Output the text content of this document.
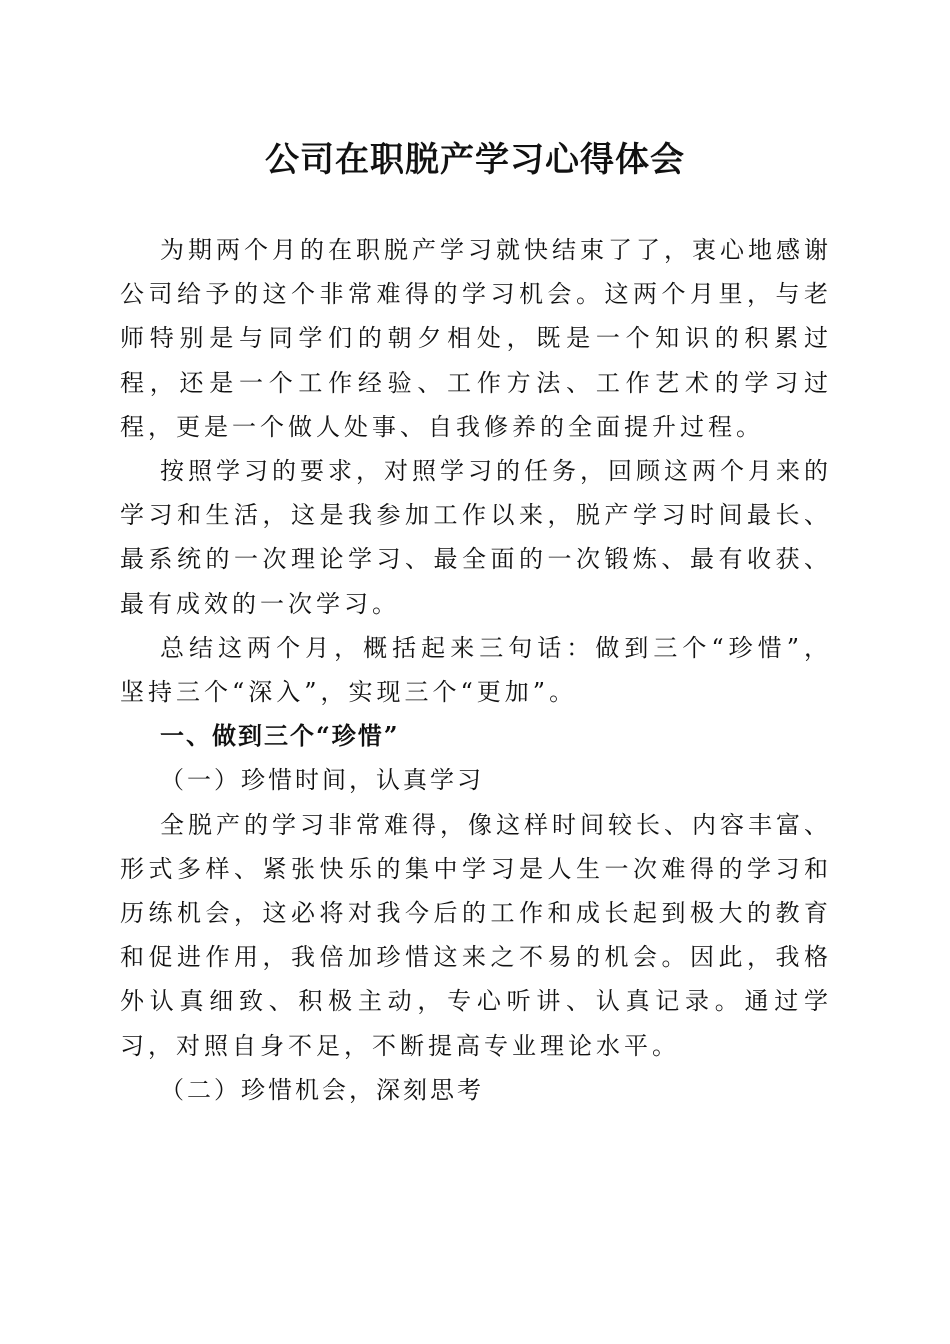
公司在职脱产学习心得体会

为期两个月的在职脱产学习就快结束了了，衷心地感谢公司给予的这个非常难得的学习机会。这两个月里，与老师特别是与同学们的朝夕相处，既是一个知识的积累过程，还是一个工作经验、工作方法、工作艺术的学习过程，更是一个做人处事、自我修养的全面提升过程。

按照学习的要求，对照学习的任务，回顾这两个月来的学习和生活，这是我参加工作以来，脱产学习时间最长、最系统的一次理论学习、最全面的一次锻炼、最有收获、最有成效的一次学习。

总结这两个月，概括起来三句话：做到三个“珍惜”，坚持三个“深入”，实现三个“更加”。

一、做到三个“珍惜”

（一）珍惜时间，认真学习

全脱产的学习非常难得，像这样时间较长、内容丰富、形式多样、紧张快乐的集中学习是人生一次难得的学习和历练机会，这必将对我今后的工作和成长起到极大的教育和促进作用，我倍加珍惜这来之不易的机会。因此，我格外认真细致、积极主动，专心听讲、认真记录。通过学习，对照自身不足，不断提高专业理论水平。

（二）珍惜机会，深刻思考
